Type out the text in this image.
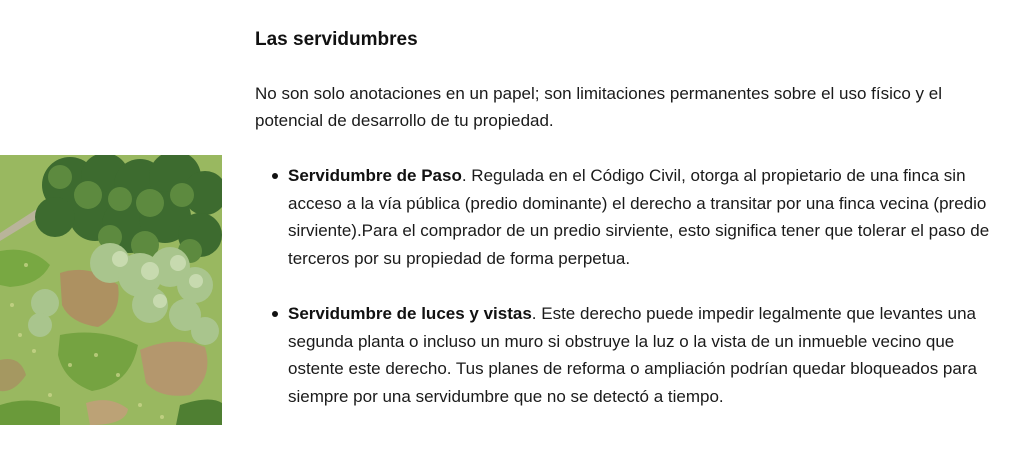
Las servidumbres

No son solo anotaciones en un papel; son limitaciones permanentes sobre el uso físico y el potencial de desarrollo de tu propiedad.

Servidumbre de Paso. Regulada en el Código Civil, otorga al propietario de una finca sin acceso a la vía pública (predio dominante) el derecho a transitar por una finca vecina (predio sirviente).Para el comprador de un predio sirviente, esto significa tener que tolerar el paso de terceros por su propiedad de forma perpetua.
Servidumbre de luces y vistas. Este derecho puede impedir legalmente que levantes una segunda planta o incluso un muro si obstruye la luz o la vista de un inmueble vecino que ostente este derecho. Tus planes de reforma o ampliación podrían quedar bloqueados para siempre por una servidumbre que no se detectó a tiempo.
